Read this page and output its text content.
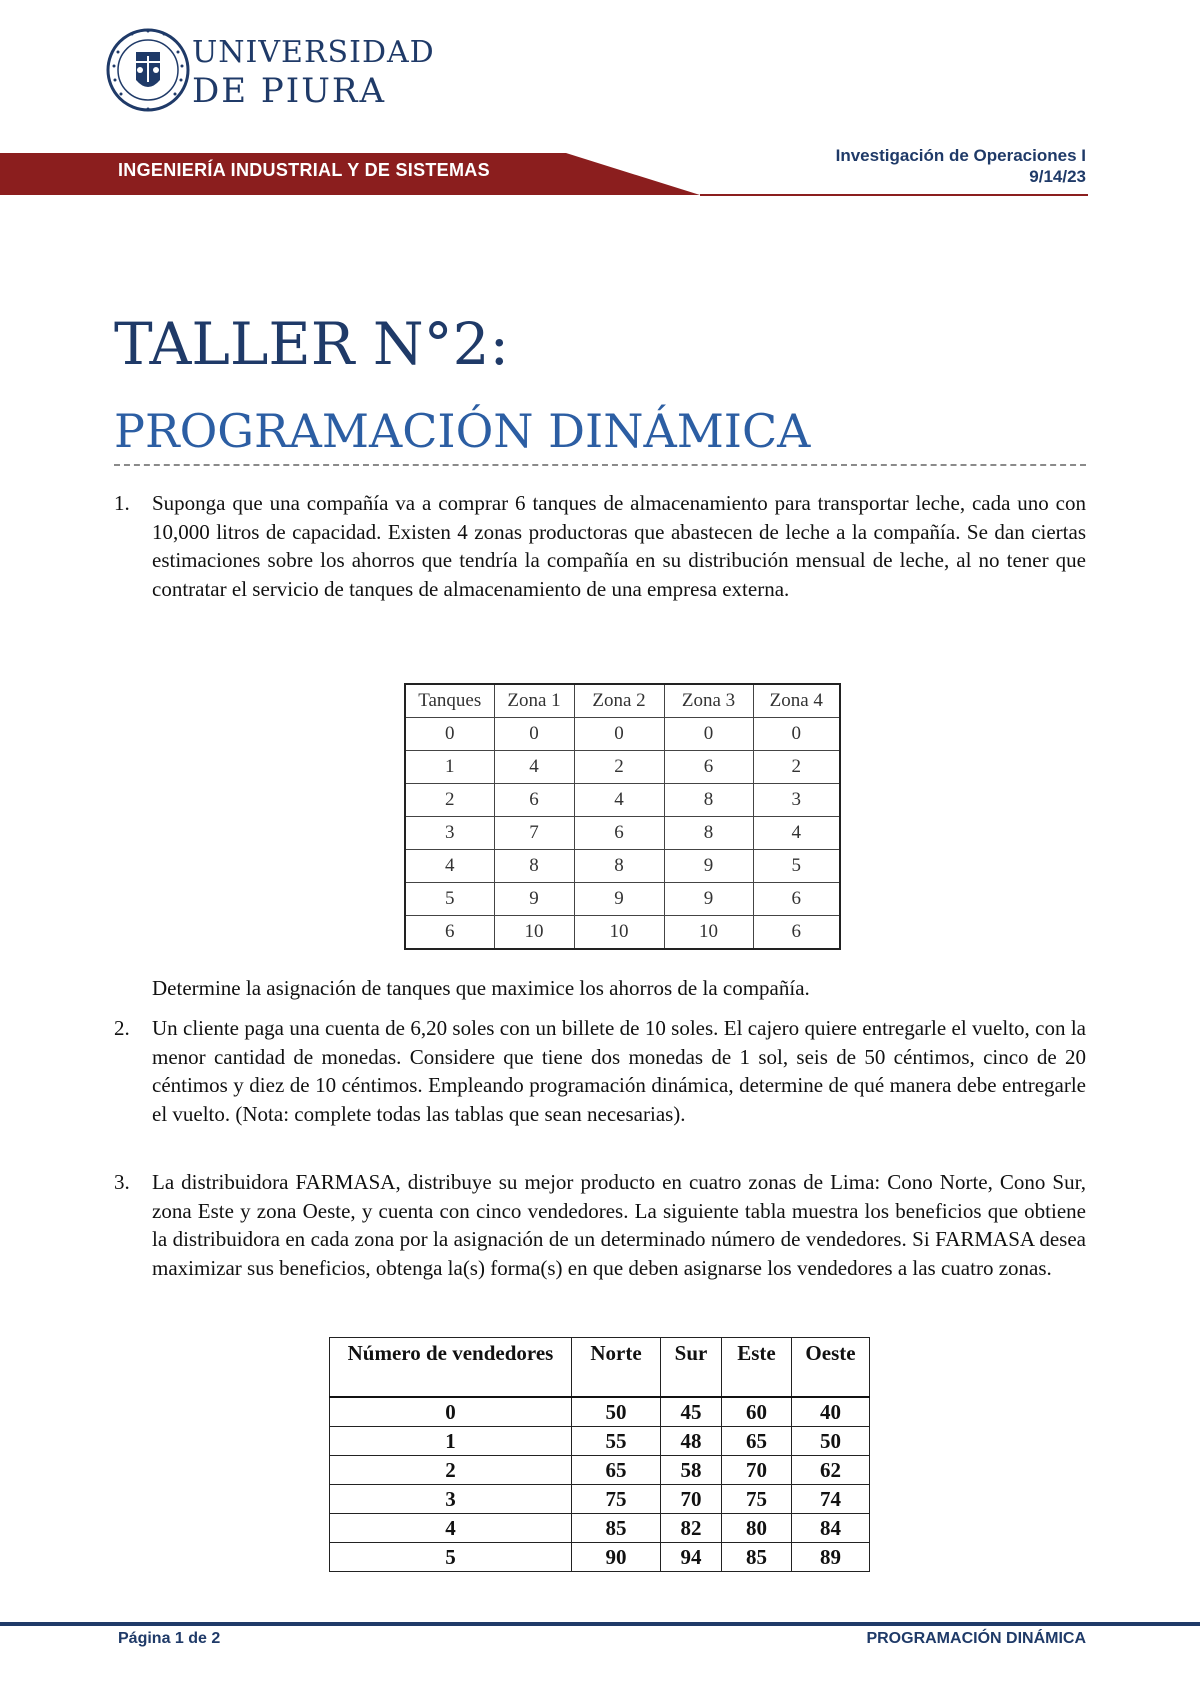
UNIVERSIDAD
DE PIURA
INGENIERÍA INDUSTRIAL Y DE SISTEMAS
Investigación de Operaciones I
9/14/23
TALLER N°2:
PROGRAMACIÓN DINÁMICA
1. Suponga que una compañía va a comprar 6 tanques de almacenamiento para transportar leche, cada uno con 10,000 litros de capacidad. Existen 4 zonas productoras que abastecen de leche a la compañía. Se dan ciertas estimaciones sobre los ahorros que tendría la compañía en su distribución mensual de leche, al no tener que contratar el servicio de tanques de almacenamiento de una empresa externa.
Tanques	Zona 1	Zona 2	Zona 3	Zona 4
0	0	0	0	0
1	4	2	6	2
2	6	4	8	3
3	7	6	8	4
4	8	8	9	5
5	9	9	9	6
6	10	10	10	6
Determine la asignación de tanques que maximice los ahorros de la compañía.
2. Un cliente paga una cuenta de 6,20 soles con un billete de 10 soles. El cajero quiere entregarle el vuelto, con la menor cantidad de monedas. Considere que tiene dos monedas de 1 sol, seis de 50 céntimos, cinco de 20 céntimos y diez de 10 céntimos. Empleando programación dinámica, determine de qué manera debe entregarle el vuelto. (Nota: complete todas las tablas que sean necesarias).
3. La distribuidora FARMASA, distribuye su mejor producto en cuatro zonas de Lima: Cono Norte, Cono Sur, zona Este y zona Oeste, y cuenta con cinco vendedores. La siguiente tabla muestra los beneficios que obtiene la distribuidora en cada zona por la asignación de un determinado número de vendedores. Si FARMASA desea maximizar sus beneficios, obtenga la(s) forma(s) en que deben asignarse los vendedores a las cuatro zonas.
Número de vendedores	Norte	Sur	Este	Oeste
0	50	45	60	40
1	55	48	65	50
2	65	58	70	62
3	75	70	75	74
4	85	82	80	84
5	90	94	85	89
Página 1 de 2	PROGRAMACIÓN DINÁMICA
